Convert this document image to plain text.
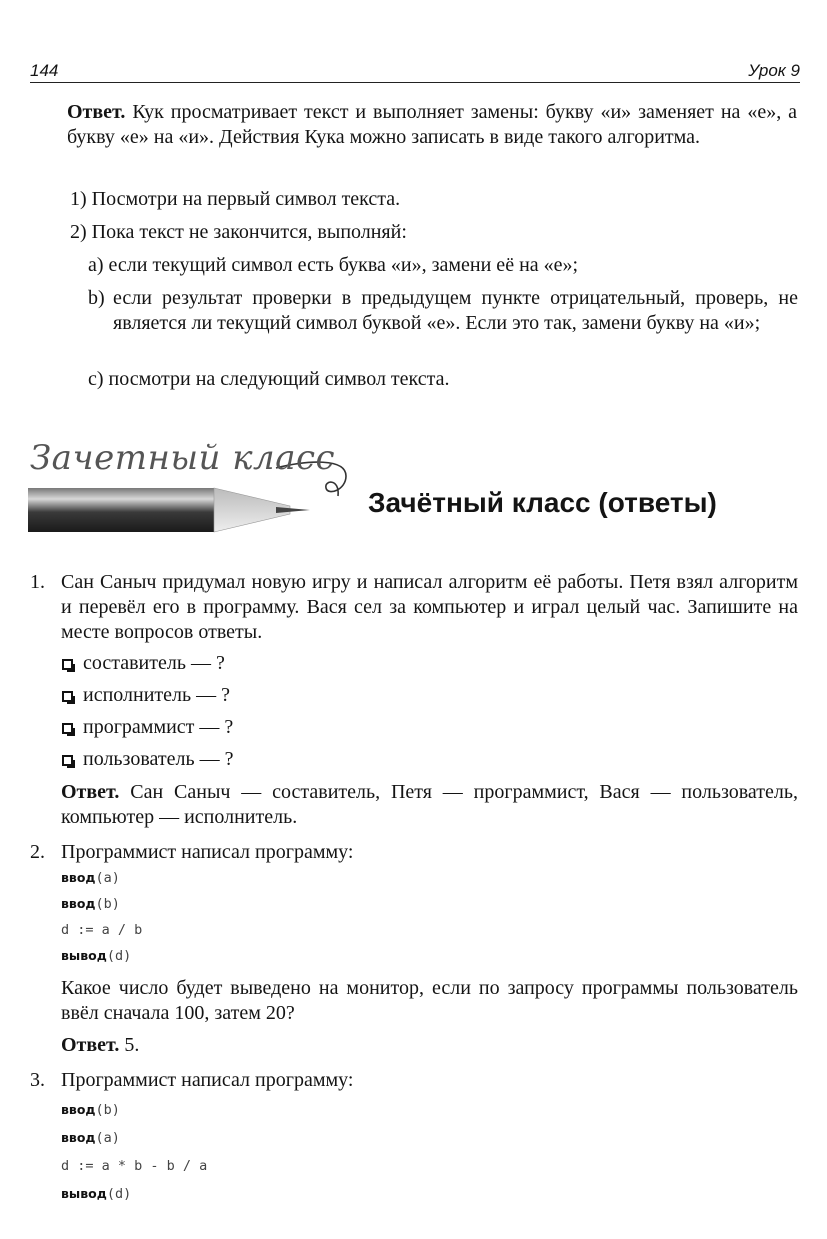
144	Урок 9
Ответ. Кук просматривает текст и выполняет замены: букву «и» заменяет на «е», а букву «е» на «и». Действия Кука можно записать в виде такого алгоритма.
1) Посмотри на первый символ текста.
2) Пока текст не закончится, выполняй:
a) если текущий символ есть буква «и», замени её на «е»;
b) если результат проверки в предыдущем пункте отрицательный, проверь, не является ли текущий символ буквой «е». Если это так, замени букву на «и»;
c) посмотри на следующий символ текста.
Зачетный класс
Зачётный класс (ответы)
1. Сан Саныч придумал новую игру и написал алгоритм её работы. Петя взял алгоритм и перевёл его в программу. Вася сел за компьютер и играл целый час. Запишите на месте вопросов ответы.
составитель — ?
исполнитель — ?
программист — ?
пользователь — ?
Ответ. Сан Саныч — составитель, Петя — программист, Вася — пользователь, компьютер — исполнитель.
2. Программист написал программу:
ввод(a)
ввод(b)
d := a / b
вывод(d)
Какое число будет выведено на монитор, если по запросу программы пользователь ввёл сначала 100, затем 20?
Ответ. 5.
3. Программист написал программу:
ввод(b)
ввод(a)
d := a * b - b / a
вывод(d)
